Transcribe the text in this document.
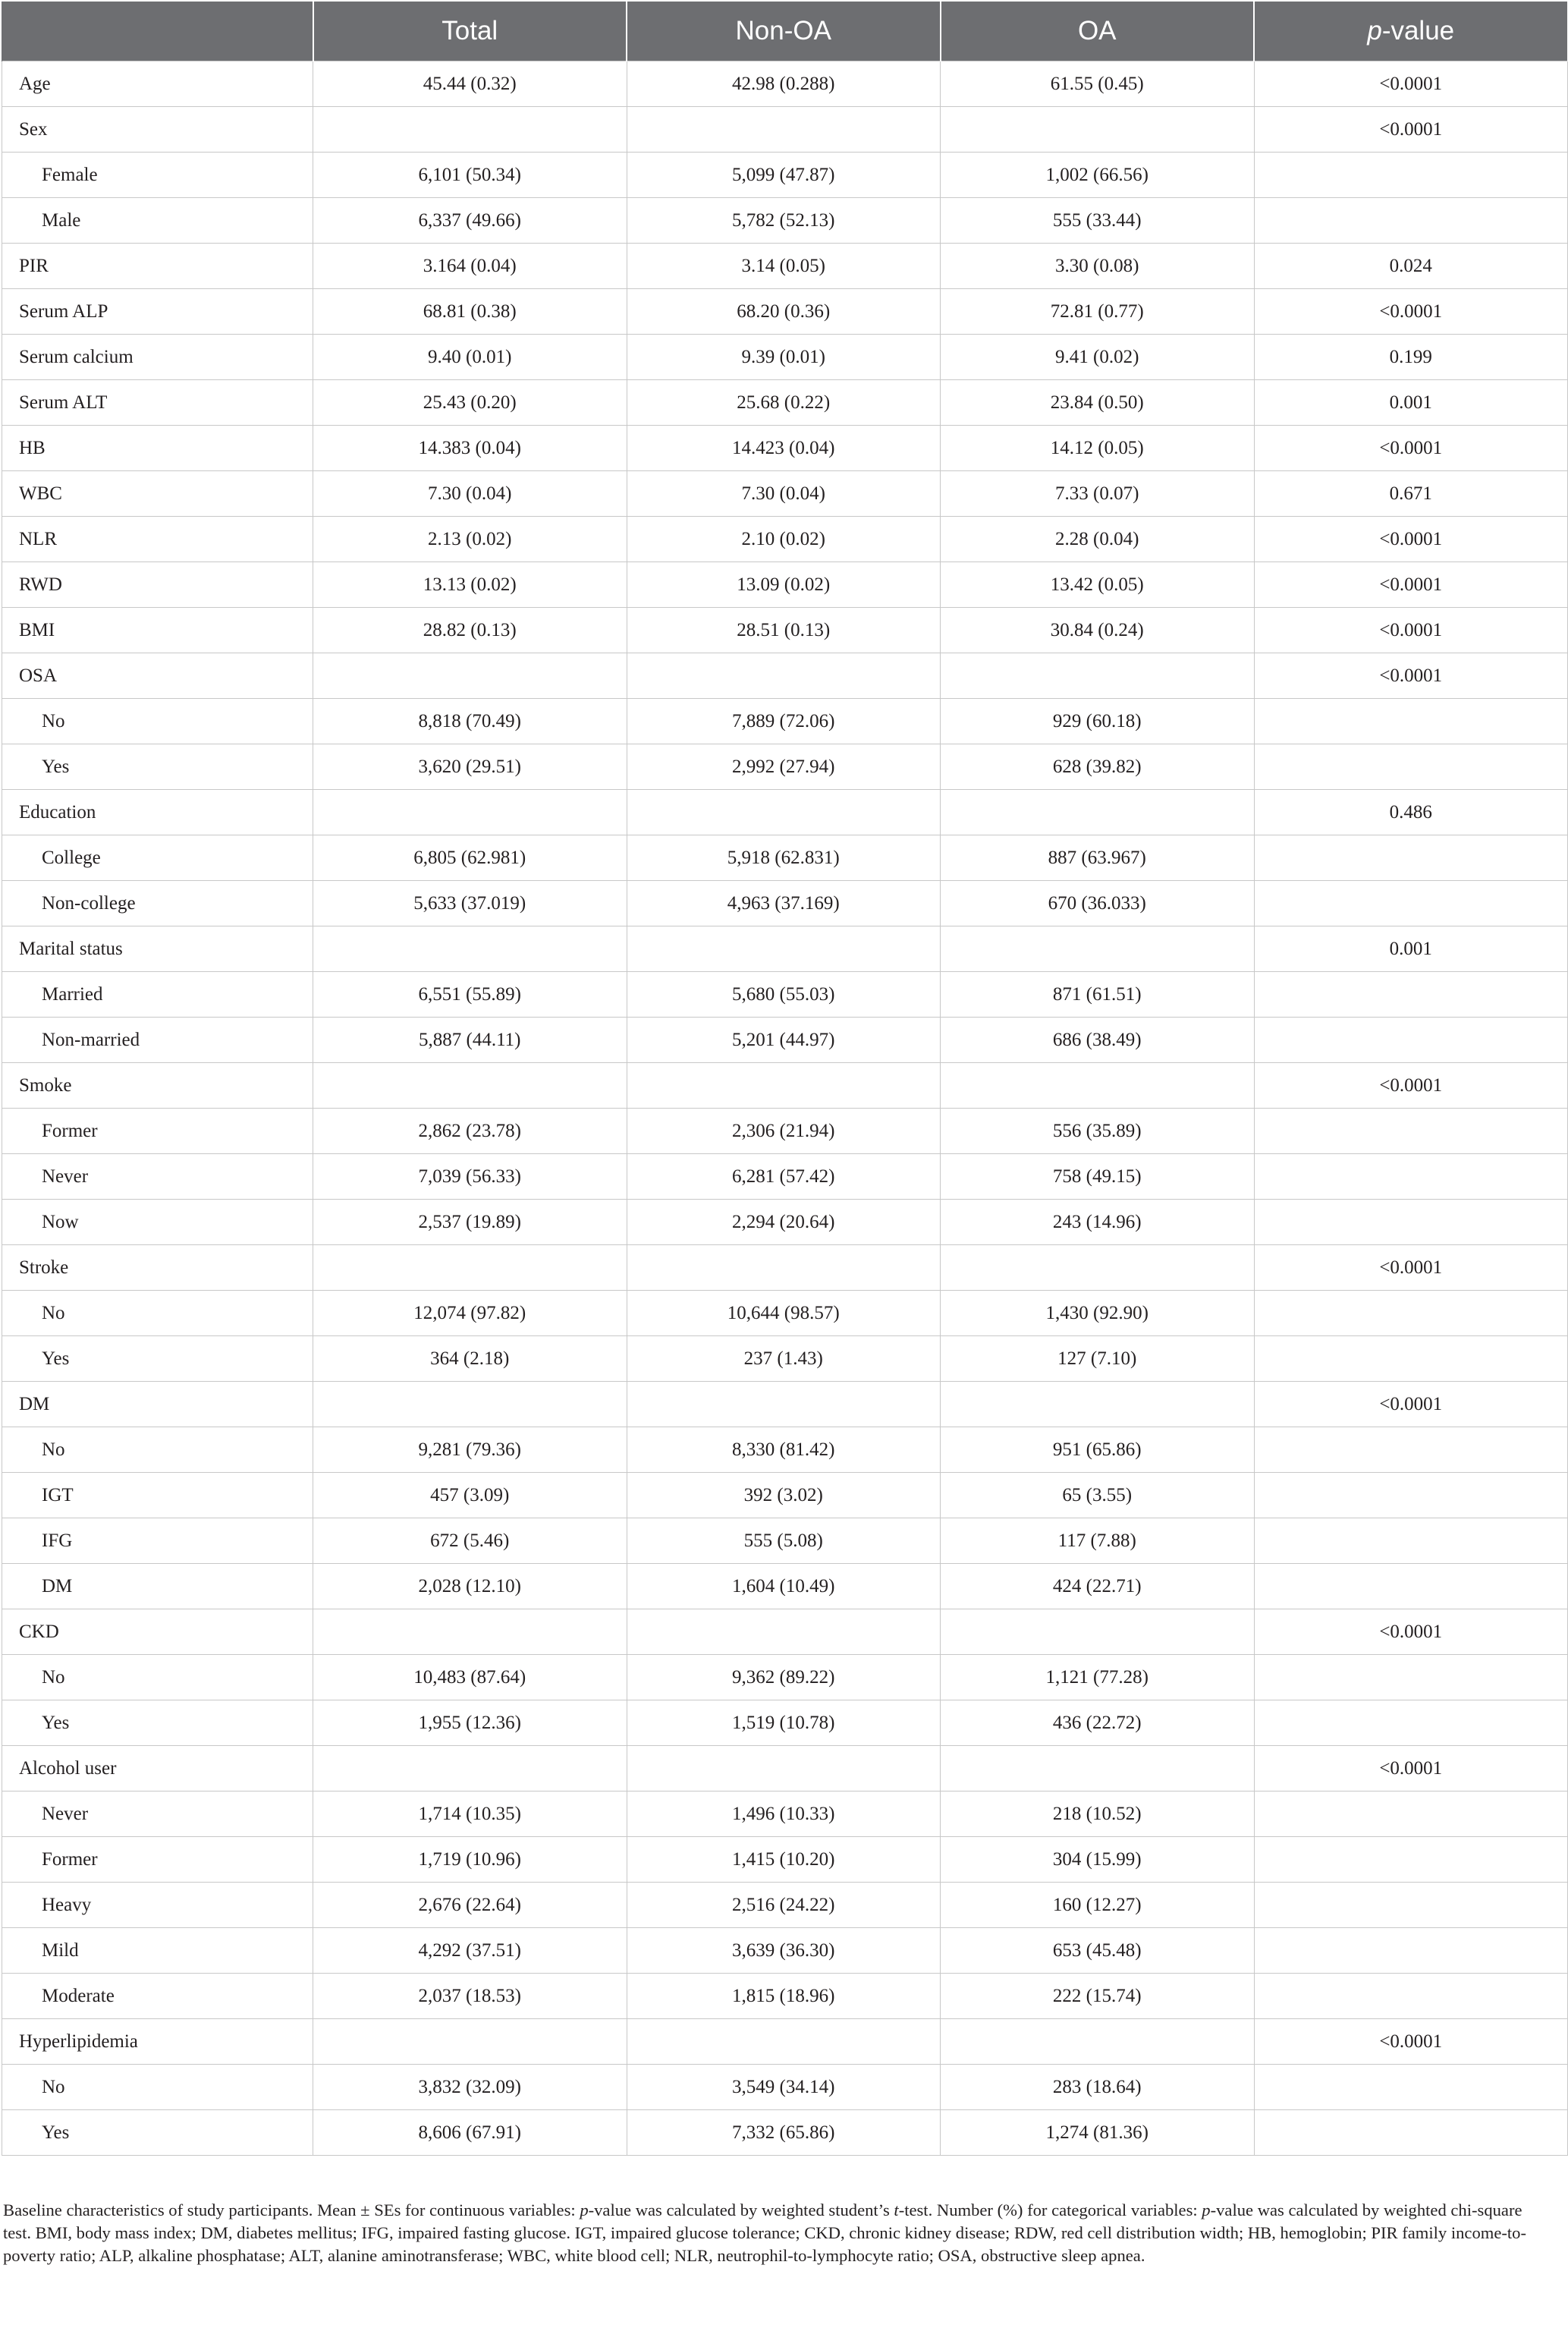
	Total	Non-OA	OA	p-value
Age	45.44 (0.32)	42.98 (0.288)	61.55 (0.45)	<0.0001
Sex				<0.0001
Female	6,101 (50.34)	5,099 (47.87)	1,002 (66.56)	
Male	6,337 (49.66)	5,782 (52.13)	555 (33.44)	
PIR	3.164 (0.04)	3.14 (0.05)	3.30 (0.08)	0.024
Serum ALP	68.81 (0.38)	68.20 (0.36)	72.81 (0.77)	<0.0001
Serum calcium	9.40 (0.01)	9.39 (0.01)	9.41 (0.02)	0.199
Serum ALT	25.43 (0.20)	25.68 (0.22)	23.84 (0.50)	0.001
HB	14.383 (0.04)	14.423 (0.04)	14.12 (0.05)	<0.0001
WBC	7.30 (0.04)	7.30 (0.04)	7.33 (0.07)	0.671
NLR	2.13 (0.02)	2.10 (0.02)	2.28 (0.04)	<0.0001
RWD	13.13 (0.02)	13.09 (0.02)	13.42 (0.05)	<0.0001
BMI	28.82 (0.13)	28.51 (0.13)	30.84 (0.24)	<0.0001
OSA				<0.0001
No	8,818 (70.49)	7,889 (72.06)	929 (60.18)	
Yes	3,620 (29.51)	2,992 (27.94)	628 (39.82)	
Education				0.486
College	6,805 (62.981)	5,918 (62.831)	887 (63.967)	
Non-college	5,633 (37.019)	4,963 (37.169)	670 (36.033)	
Marital status				0.001
Married	6,551 (55.89)	5,680 (55.03)	871 (61.51)	
Non-married	5,887 (44.11)	5,201 (44.97)	686 (38.49)	
Smoke				<0.0001
Former	2,862 (23.78)	2,306 (21.94)	556 (35.89)	
Never	7,039 (56.33)	6,281 (57.42)	758 (49.15)	
Now	2,537 (19.89)	2,294 (20.64)	243 (14.96)	
Stroke				<0.0001
No	12,074 (97.82)	10,644 (98.57)	1,430 (92.90)	
Yes	364 (2.18)	237 (1.43)	127 (7.10)	
DM				<0.0001
No	9,281 (79.36)	8,330 (81.42)	951 (65.86)	
IGT	457 (3.09)	392 (3.02)	65 (3.55)	
IFG	672 (5.46)	555 (5.08)	117 (7.88)	
DM	2,028 (12.10)	1,604 (10.49)	424 (22.71)	
CKD				<0.0001
No	10,483 (87.64)	9,362 (89.22)	1,121 (77.28)	
Yes	1,955 (12.36)	1,519 (10.78)	436 (22.72)	
Alcohol user				<0.0001
Never	1,714 (10.35)	1,496 (10.33)	218 (10.52)	
Former	1,719 (10.96)	1,415 (10.20)	304 (15.99)	
Heavy	2,676 (22.64)	2,516 (24.22)	160 (12.27)	
Mild	4,292 (37.51)	3,639 (36.30)	653 (45.48)	
Moderate	2,037 (18.53)	1,815 (18.96)	222 (15.74)	
Hyperlipidemia				<0.0001
No	3,832 (32.09)	3,549 (34.14)	283 (18.64)	
Yes	8,606 (67.91)	7,332 (65.86)	1,274 (81.36)	

Baseline characteristics of study participants. Mean ± SEs for continuous variables: p-value was calculated by weighted student’s t-test. Number (%) for categorical variables: p-value was calculated by weighted chi-square test. BMI, body mass index; DM, diabetes mellitus; IFG, impaired fasting glucose. IGT, impaired glucose tolerance; CKD, chronic kidney disease; RDW, red cell distribution width; HB, hemoglobin; PIR family income-to-poverty ratio; ALP, alkaline phosphatase; ALT, alanine aminotransferase; WBC, white blood cell; NLR, neutrophil-to-lymphocyte ratio; OSA, obstructive sleep apnea.
